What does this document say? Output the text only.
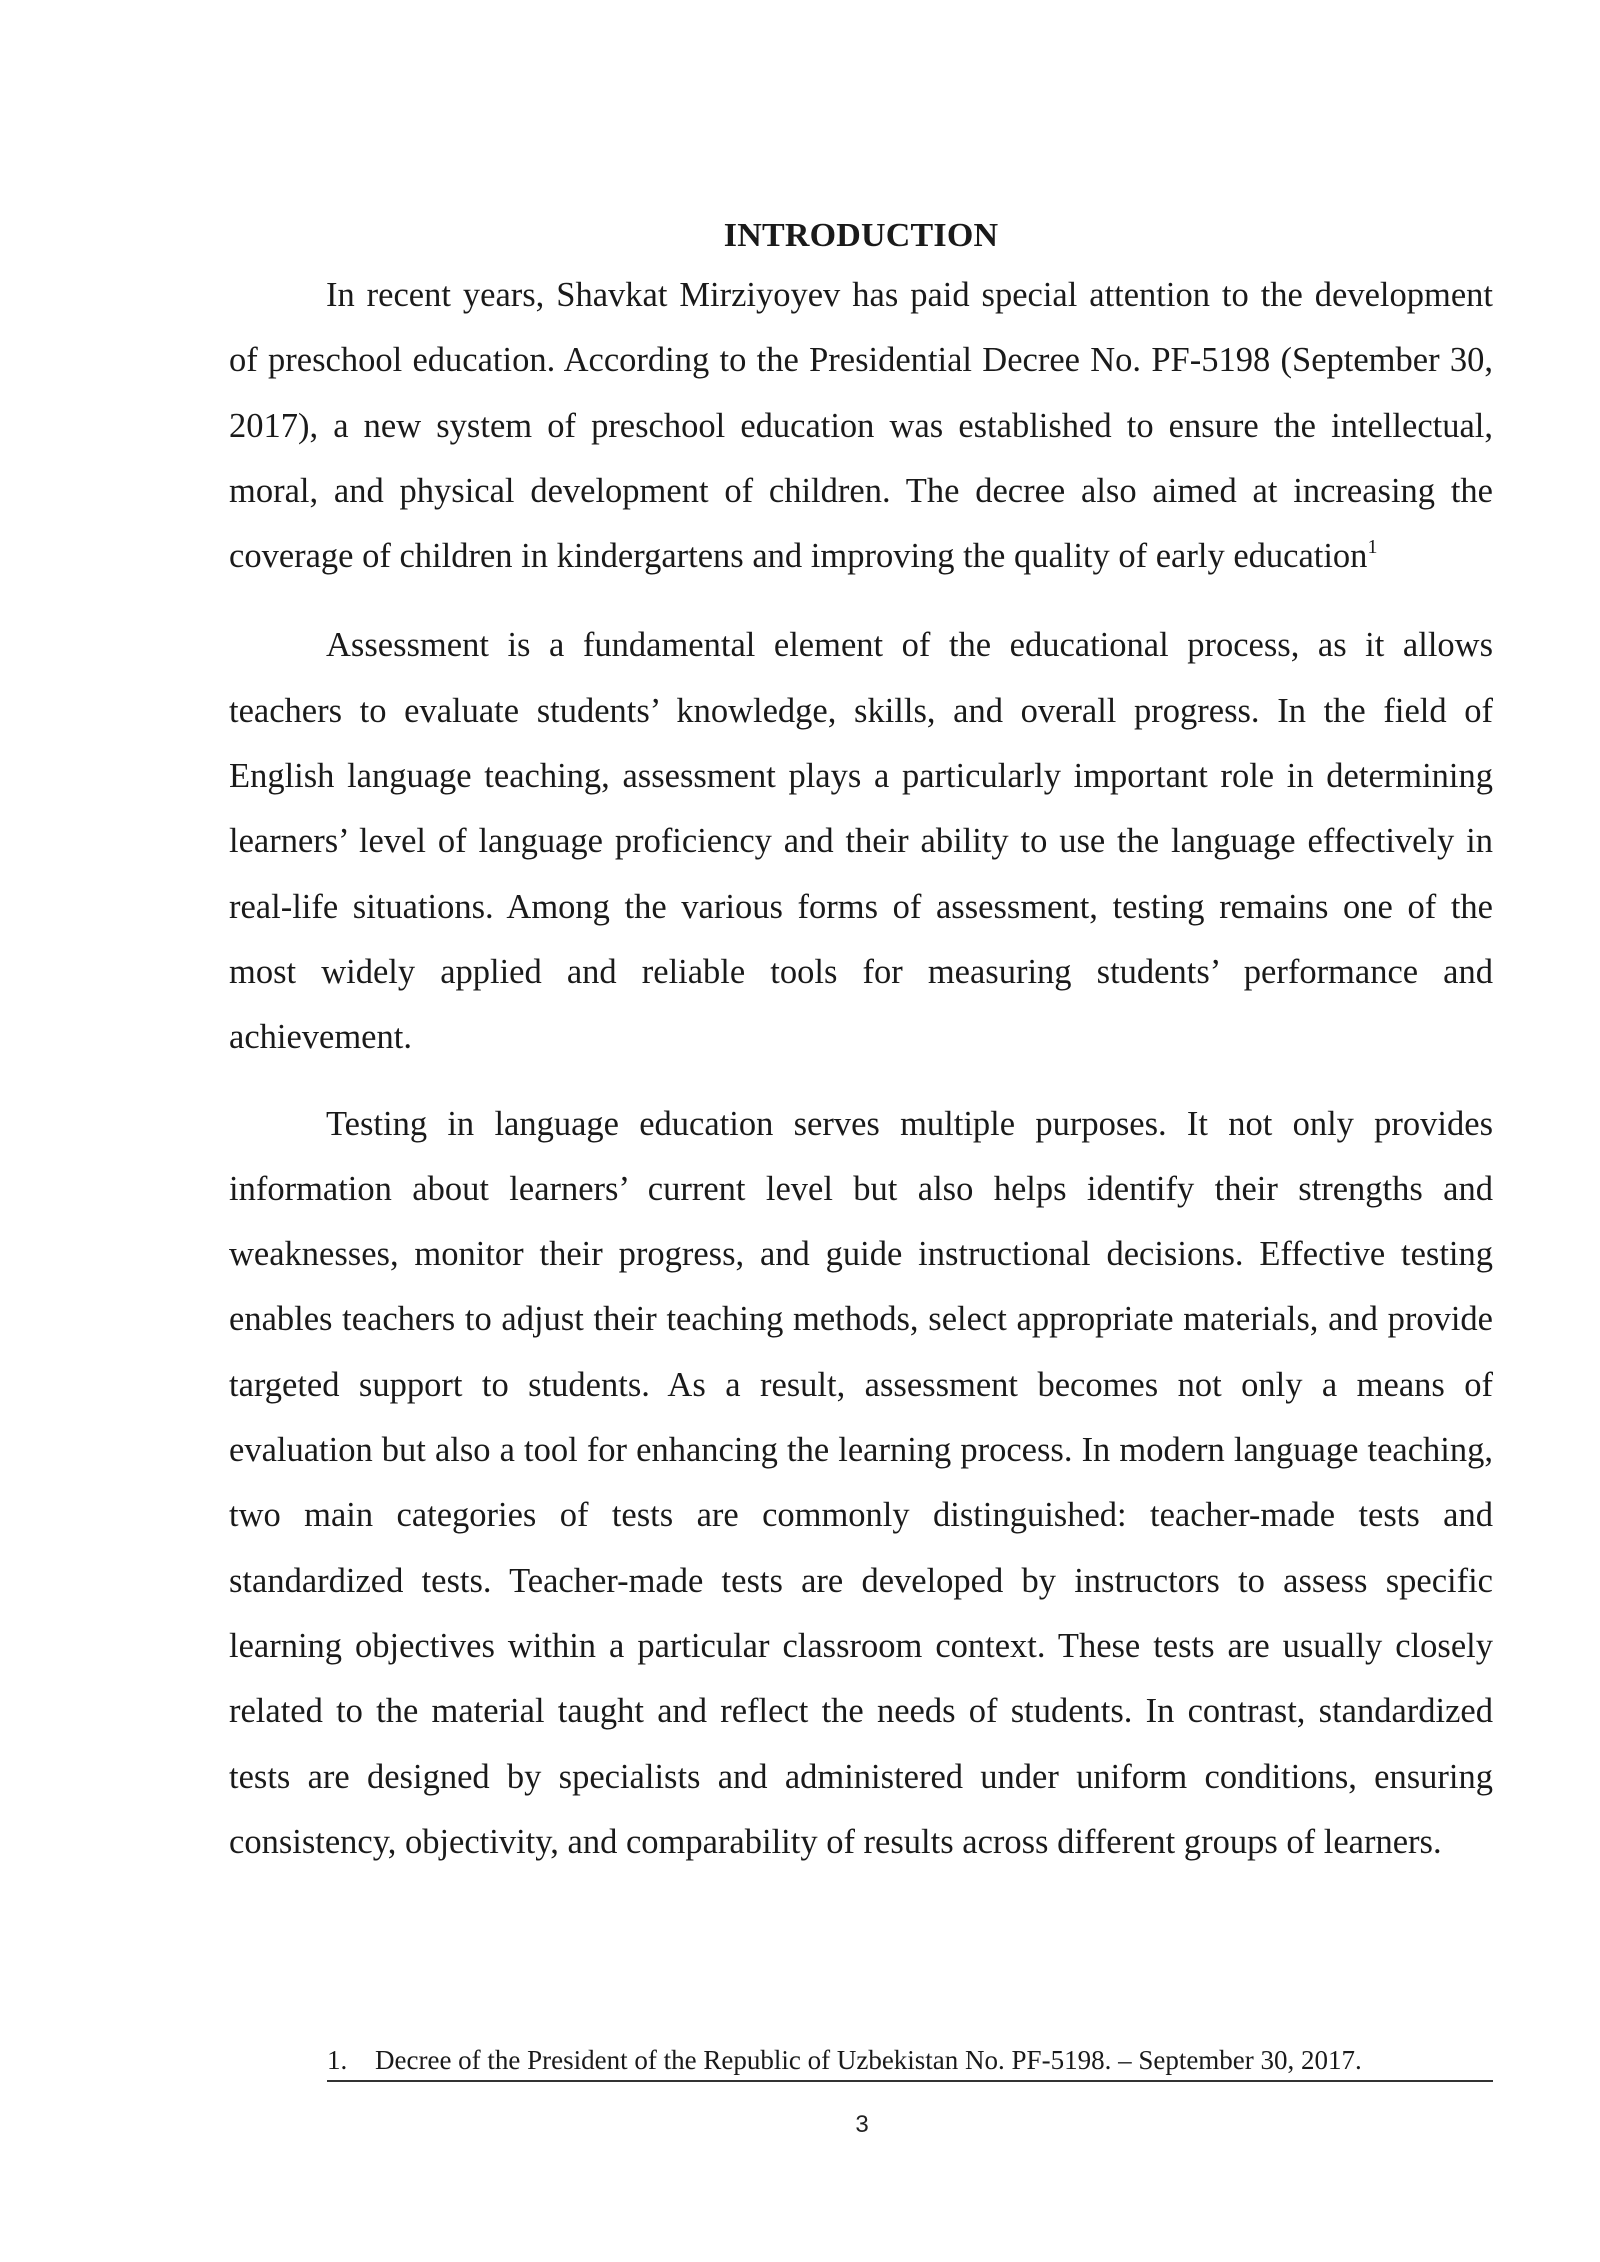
INTRODUCTION

In recent years, Shavkat Mirziyoyev has paid special attention to the development of preschool education. According to the Presidential Decree No. PF-5198 (September 30, 2017), a new system of preschool education was established to ensure the intellectual, moral, and physical development of children. The decree also aimed at increasing the coverage of children in kindergartens and improving the quality of early education$^1$

Assessment is a fundamental element of the educational process, as it allows teachers to evaluate students’ knowledge, skills, and overall progress. In the field of English language teaching, assessment plays a particularly important role in determining learners’ level of language proficiency and their ability to use the language effectively in real-life situations. Among the various forms of assessment, testing remains one of the most widely applied and reliable tools for measuring students’ performance and achievement.

Testing in language education serves multiple purposes. It not only provides information about learners’ current level but also helps identify their strengths and weaknesses, monitor their progress, and guide instructional decisions. Effective testing enables teachers to adjust their teaching methods, select appropriate materials, and provide targeted support to students. As a result, assessment becomes not only a means of evaluation but also a tool for enhancing the learning process. In modern language teaching, two main categories of tests are commonly distinguished: teacher-made tests and standardized tests. Teacher-made tests are developed by instructors to assess specific learning objectives within a particular classroom context. These tests are usually closely related to the material taught and reflect the needs of students. In contrast, standardized tests are designed by specialists and administered under uniform conditions, ensuring consistency, objectivity, and comparability of results across different groups of learners.

1. Decree of the President of the Republic of Uzbekistan No. PF-5198. – September 30, 2017.
3
